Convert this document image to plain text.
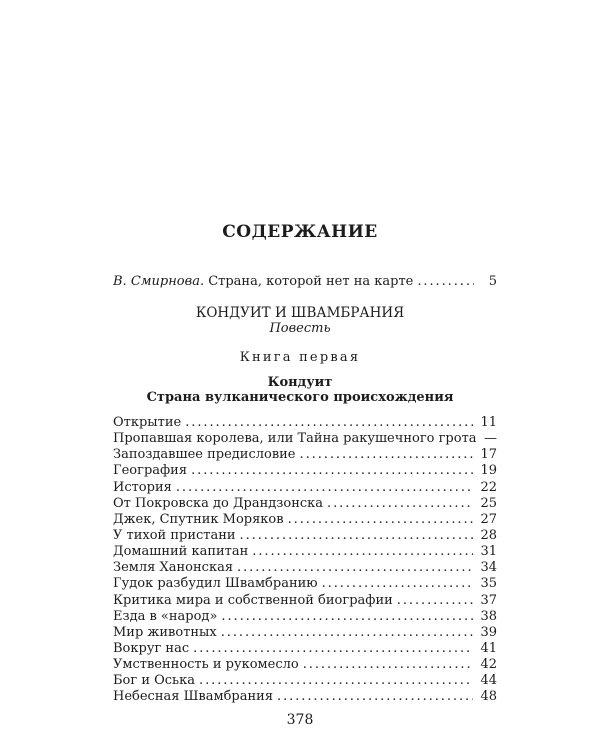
СОДЕРЖАНИЕ
В. Смирнова. Страна, которой нет на карте . . .	5
КОНДУИТ И ШВАМБРАНИЯ
Повесть
Книга первая
Кондуит
Страна вулканического происхождения
Открытие . . .	11
Пропавшая королева, или Тайна ракушечного грота —
Запоздавшее предисловие . . .	17
География . . .	19
История . . .	22
От Покровска до Драндзонска . . .	25
Джек, Спутник Моряков . . .	27
У тихой пристани . . .	28
Домашний капитан . . .	31
Земля Ханонская . . .	34
Гудок разбудил Швамбранию . . .	35
Критика мира и собственной биографии . . .	37
Езда в «народ» . . .	38
Мир животных . . .	39
Вокруг нас . . .	41
Умственность и рукомесло . . .	42
Бог и Оська . . .	44
Небесная Швамбрания . . .	48
378
